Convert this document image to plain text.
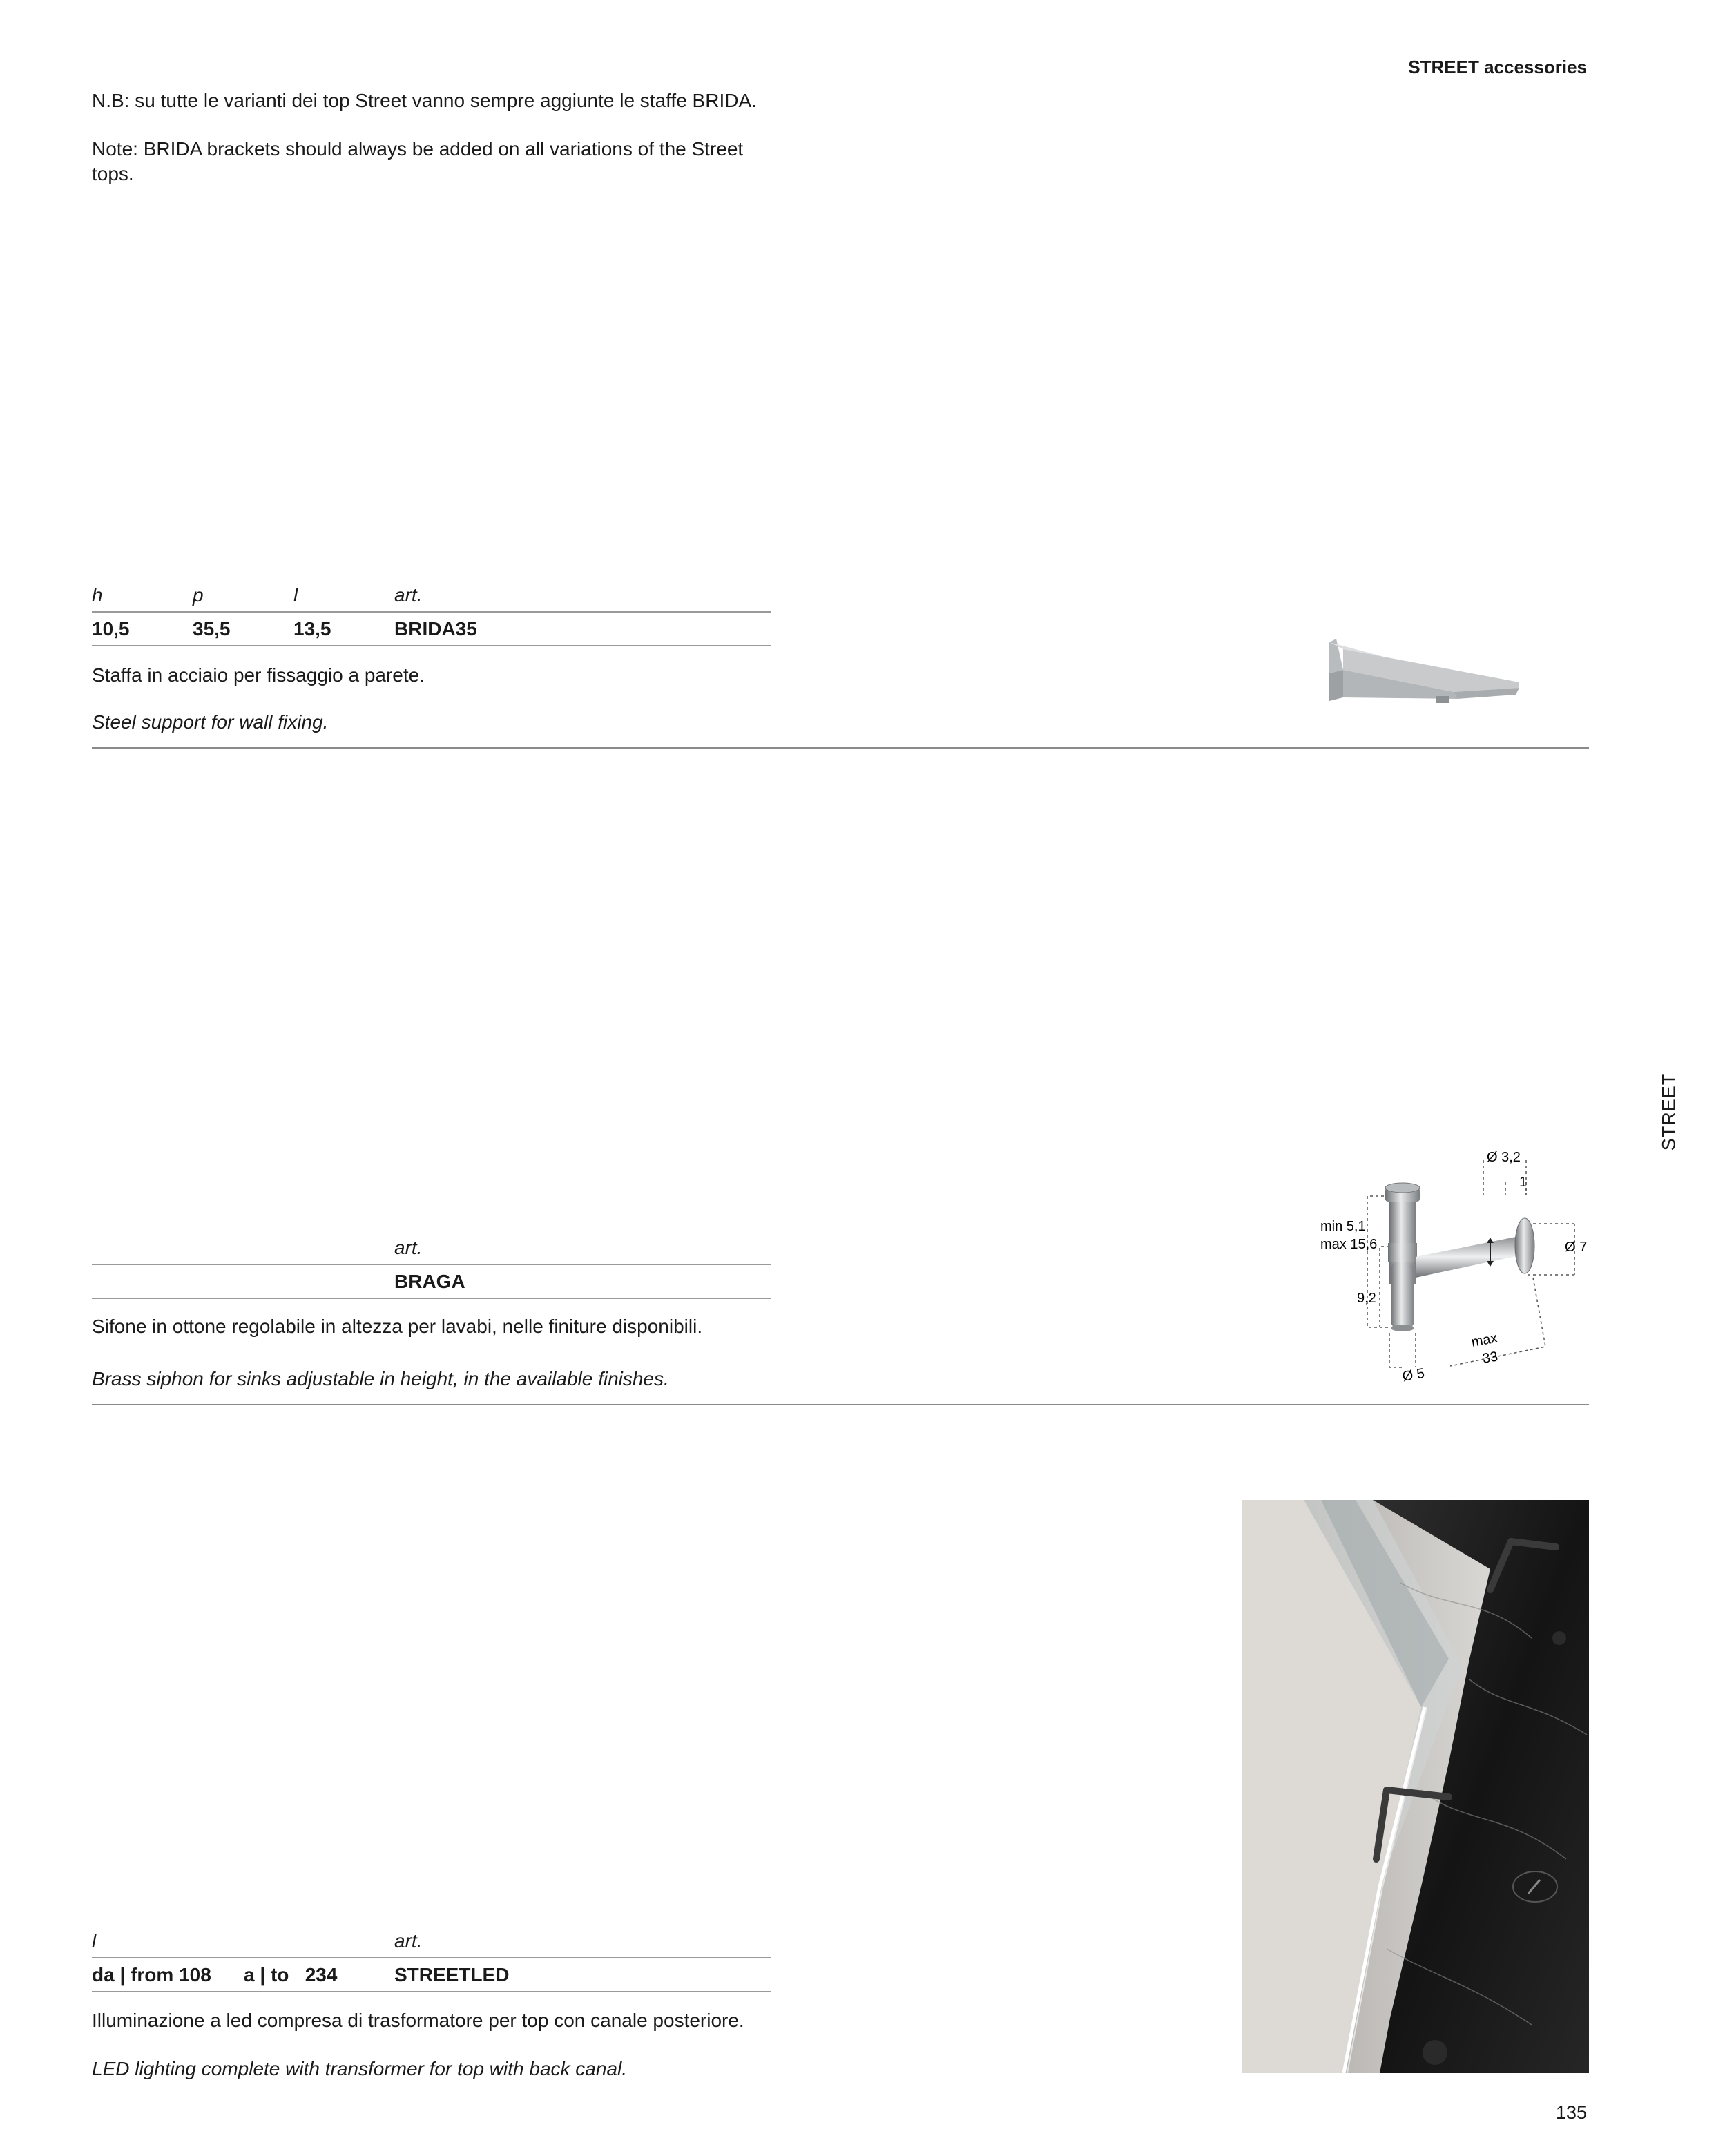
STREET accessories
N.B: su tutte le varianti dei top Street vanno sempre aggiunte le staffe BRIDA.
Note: BRIDA brackets should always be added on all variations of the Street tops.
h	p	l	art.
10,5	35,5	13,5	BRIDA35
Staffa in acciaio per fissaggio a parete.
Steel support for wall fixing.
STREET
art.
BRAGA
Sifone in ottone regolabile in altezza per lavabi, nelle finiture disponibili.
Brass siphon for sinks adjustable in height, in the available finishes.
Ø 3,2
1
min 5,1
max 15,6	Ø 7
9,2
max
33
Ø 5
l	art.
da | from 108	a | to   234	STREETLED
Illuminazione a led compresa di trasformatore per top con canale posteriore.
LED lighting complete with transformer for top with back canal.
135
